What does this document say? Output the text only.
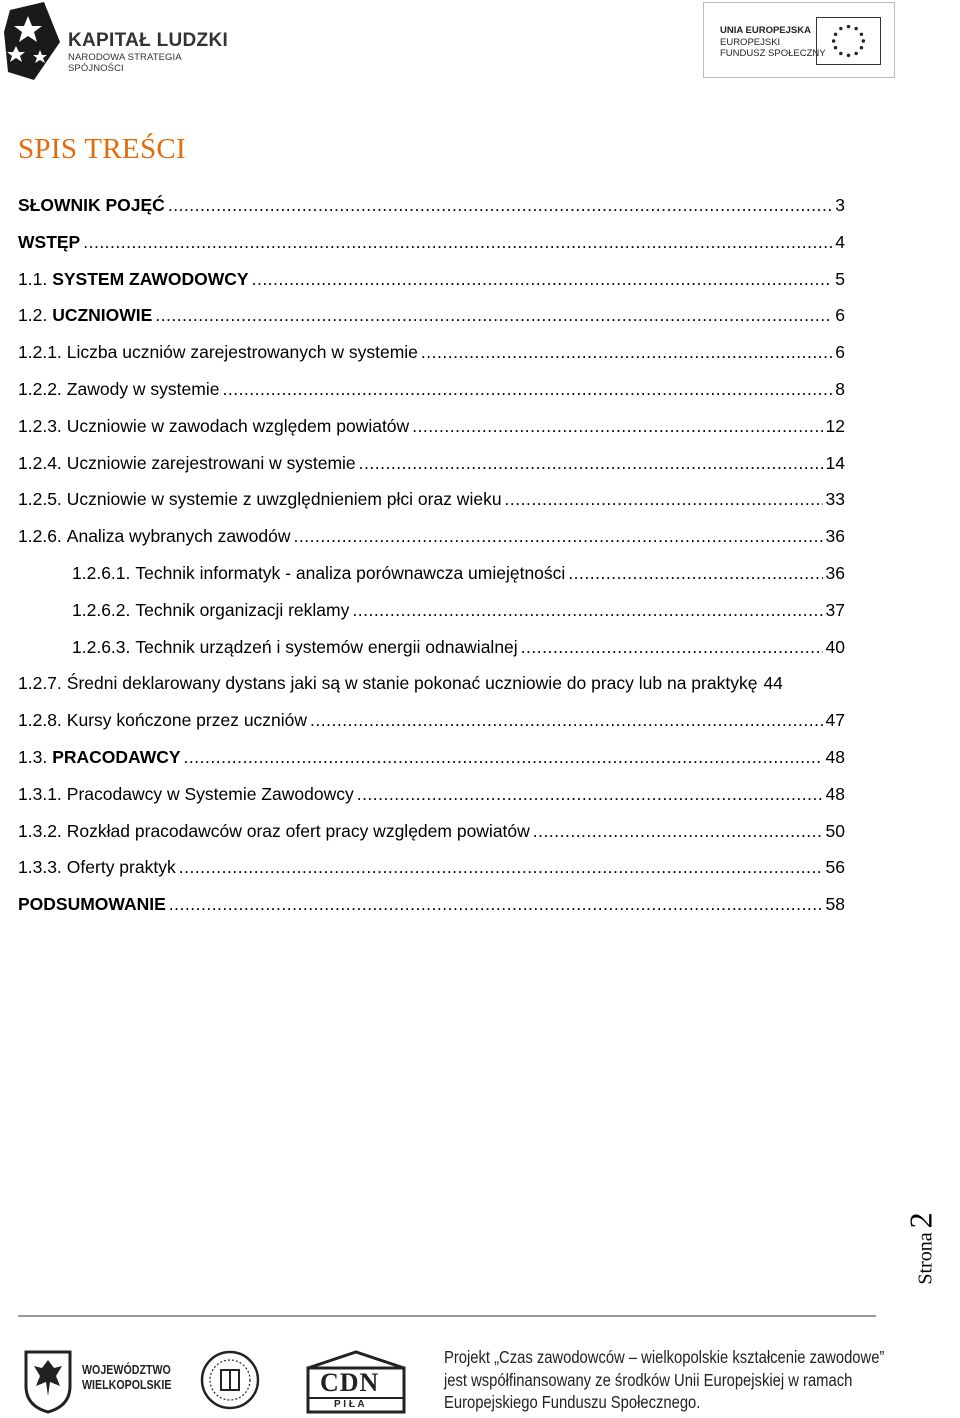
KAPITAŁ LUDZKI
NARODOWA STRATEGIA SPÓJNOŚCI
UNIA EUROPEJSKA
EUROPEJSKI
FUNDUSZ SPOŁECZNY
SPIS TREŚCI
SŁOWNIK POJĘĆ .....	3
WSTĘP .....	4
1.1. SYSTEM ZAWODOWCY .....	5
1.2. UCZNIOWIE .....	6
1.2.1. Liczba uczniów zarejestrowanych w systemie .....	6
1.2.2. Zawody w systemie .....	8
1.2.3. Uczniowie w zawodach względem powiatów .....	12
1.2.4. Uczniowie zarejestrowani w systemie .....	14
1.2.5. Uczniowie w systemie z uwzględnieniem płci oraz wieku .....	33
1.2.6. Analiza wybranych zawodów .....	36
1.2.6.1. Technik informatyk - analiza porównawcza umiejętności .....	36
1.2.6.2. Technik organizacji reklamy .....	37
1.2.6.3. Technik urządzeń i systemów energii odnawialnej .....	40
1.2.7. Średni deklarowany dystans jaki są w stanie pokonać uczniowie do pracy lub na praktykę 44
1.2.8. Kursy kończone przez uczniów .....	47
1.3. PRACODAWCY .....	48
1.3.1. Pracodawcy w Systemie Zawodowcy .....	48
1.3.2. Rozkład pracodawców oraz ofert pracy względem powiatów .....	50
1.3.3. Oferty praktyk .....	56
PODSUMOWANIE .....	58
Strona2
WOJEWÓDZTWO
WIELKOPOLSKIE	CDN
P I Ł A
Projekt „Czas zawodowców – wielkopolskie kształcenie zawodowe”
jest współfinansowany ze środków Unii Europejskiej w ramach
Europejskiego Funduszu Społecznego.
